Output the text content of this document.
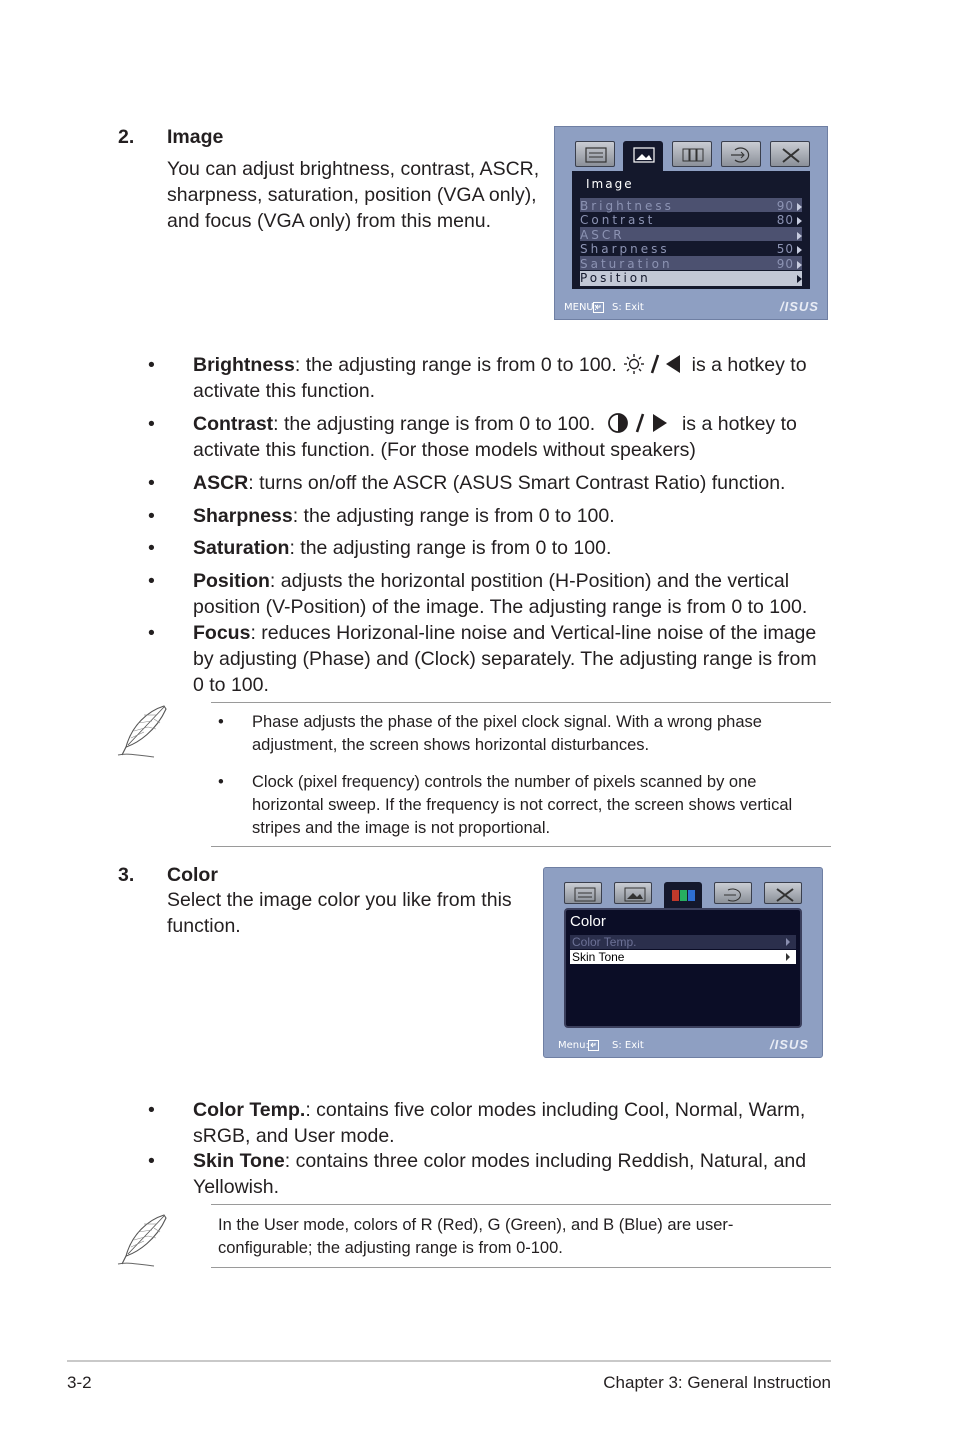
2. Image
You can adjust brightness, contrast, ASCR,
sharpness, saturation, position (VGA only),
and focus (VGA only) from this menu.
Image
Brightness	90
Contrast	80
ASCR
Sharpness	50
Saturation	90
Position
MENU: S: Exit	/ISUS
• Brightness: the adjusting range is from 0 to 100.	is a hotkey to
activate this function.
• Contrast: the adjusting range is from 0 to 100.	is a hotkey to
activate this function. (For those models without speakers)
• ASCR: turns on/off the ASCR (ASUS Smart Contrast Ratio) function.
• Sharpness: the adjusting range is from 0 to 100.
• Saturation: the adjusting range is from 0 to 100.
• Position: adjusts the horizontal postition (H-Position) and the vertical
position (V-Position) of the image. The adjusting range is from 0 to 100.
• Focus: reduces Horizonal-line noise and Vertical-line noise of the image
by adjusting (Phase) and (Clock) separately. The adjusting range is from
0 to 100.
• Phase adjusts the phase of the pixel clock signal. With a wrong phase
adjustment, the screen shows horizontal disturbances.
• Clock (pixel frequency) controls the number of pixels scanned by one
horizontal sweep. If the frequency is not correct, the screen shows vertical
stripes and the image is not proportional.
3. Color
Select the image color you like from this
function.	Color
Color Temp.
Skin Tone
Menu: S: Exit	/ISUS
• Color Temp.: contains five color modes including Cool, Normal, Warm,
sRGB, and User mode.
• Skin Tone: contains three color modes including Reddish, Natural, and
Yellowish.
In the User mode, colors of R (Red), G (Green), and B (Blue) are user-
configurable; the adjusting range is from 0-100.
3-2	Chapter 3: General Instruction
